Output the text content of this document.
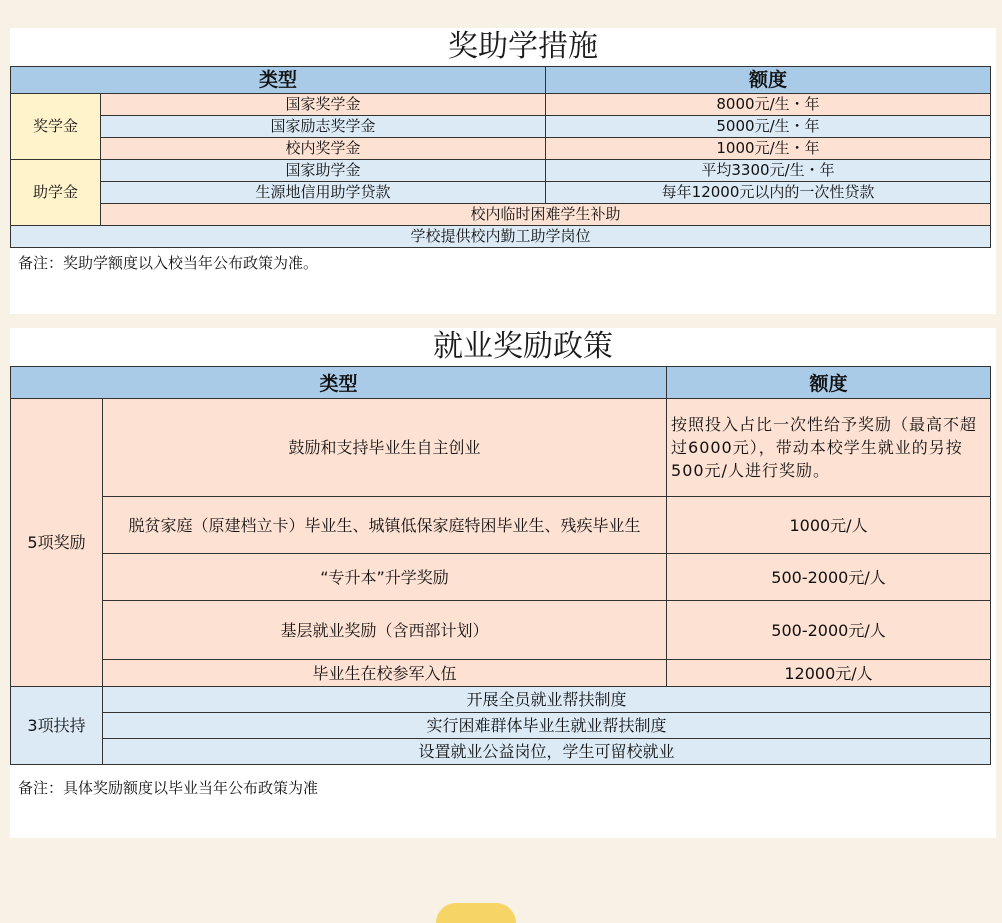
奖助学措施
类型		额度
奖学金	国家奖学金	8000元/生・年
	国家励志奖学金	5000元/生・年
	校内奖学金	1000元/生・年
助学金	国家助学金	平均3300元/生・年
	生源地信用助学贷款	每年12000元以内的一次性贷款
	校内临时困难学生补助	
学校提供校内勤工助学岗位		
备注：奖助学额度以入校当年公布政策为准。
就业奖励政策
类型		额度
5项奖励	鼓励和支持毕业生自主创业	按照投入占比一次性给予奖励（最高不超过6000元），带动本校学生就业的另按500元/人进行奖励。
	脱贫家庭（原建档立卡）毕业生、城镇低保家庭特困毕业生、残疾毕业生	1000元/人
	“专升本”升学奖励	500-2000元/人
	基层就业奖励（含西部计划）	500-2000元/人
	毕业生在校参军入伍	12000元/人
3项扶持	开展全员就业帮扶制度	
	实行困难群体毕业生就业帮扶制度	
	设置就业公益岗位，学生可留校就业	
备注：具体奖励额度以毕业当年公布政策为准
